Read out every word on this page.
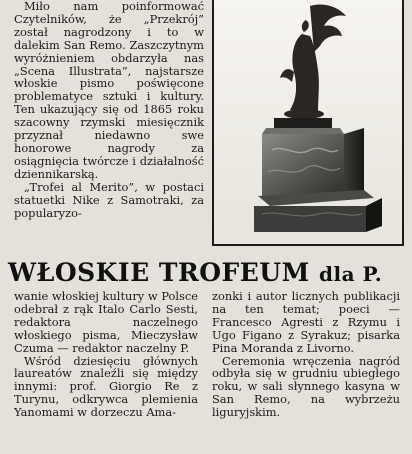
Miło nam poinformować Czytelników, że „Przekrój” został nagrodzony i to w dalekim San Remo. Zaszczytnym wyróżnieniem obdarzyła nas „Scena Illustrata”, najstarsze włoskie pismo poświęcone problematyce sztuki i kultury. Ten ukazujący się od 1865 roku szacowny rzymski miesięcznik przyznał niedawno swe honorowe nagrody za osiągnięcia twórcze i działalność dziennikarską.

„Trofei al Merito”, w postaci statuetki Nike z Samotraki, za popularyzo-

WŁOSKIE TROFEUM dla P.

wanie włoskiej kultury w Polsce odebrał z rąk Italo Carlo Sesti, redaktora naczelnego włoskiego pisma, Mieczysław Czuma — redaktor naczelny P.

Wśród dziesięciu głównych laureatów znaleźli się między innymi: prof. Giorgio Re z Turynu, odkrywca plemienia Yanomami w dorzeczu Ama-

zonki i autor licznych publikacji na ten temat; poeci — Francesco Agresti z Rzymu i Ugo Figano z Syrakuz; pisarka Pina Moranda z Livorno.

Ceremonia wręczenia nagród odbyła się w grudniu ubiegłego roku, w sali słynnego kasyna w San Remo, na wybrzeżu liguryjskim.
